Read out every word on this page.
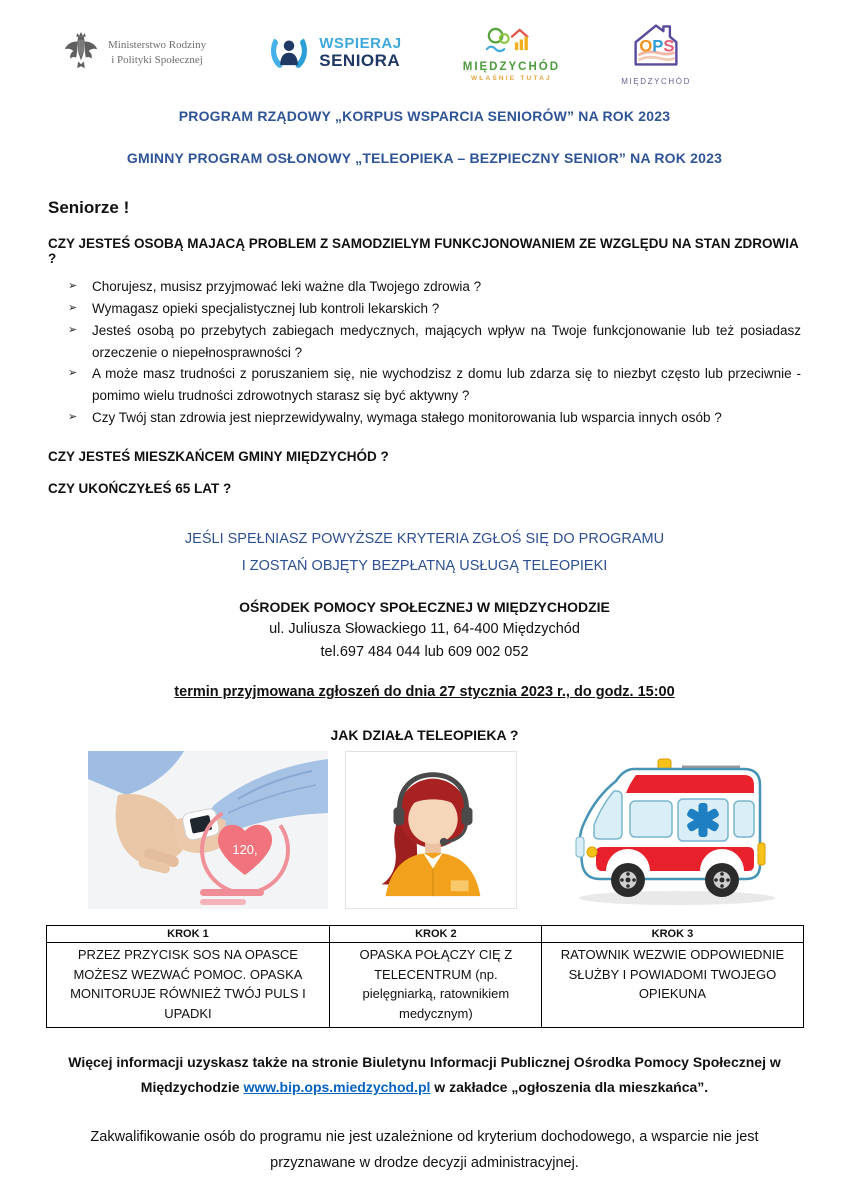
Ministerstwo Rodziny
i Polityki Społecznej
WSPIERAJ
SENIORA	MIĘDZYCHÓD
WŁAŚNIE TUTAJ
OPS
MIĘDZYCHÓD
PROGRAM RZĄDOWY „KORPUS WSPARCIA SENIORÓW” NA ROK 2023
GMINNY PROGRAM OSŁONOWY „TELEOPIEKA – BEZPIECZNY SENIOR” NA ROK 2023
Seniorze !
CZY JESTEŚ OSOBĄ MAJACĄ PROBLEM Z SAMODZIELYM FUNKCJONOWANIEM ZE WZGLĘDU NA STAN ZDROWIA ?
➢ Chorujesz, musisz przyjmować leki ważne dla Twojego zdrowia ?
➢ Wymagasz opieki specjalistycznej lub kontroli lekarskich ?
➢ Jesteś osobą po przebytych zabiegach medycznych, mających wpływ na Twoje funkcjonowanie lub też posiadasz orzeczenie o niepełnosprawności ?
➢ A może masz trudności z poruszaniem się, nie wychodzisz z domu lub zdarza się to niezbyt często lub przeciwnie - pomimo wielu trudności zdrowotnych starasz się być aktywny ?
➢ Czy Twój stan zdrowia jest nieprzewidywalny, wymaga stałego monitorowania lub wsparcia innych osób ?
CZY JESTEŚ MIESZKAŃCEM GMINY MIĘDZYCHÓD ?
CZY UKOŃCZYŁEŚ 65 LAT ?
JEŚLI SPEŁNIASZ POWYŻSZE KRYTERIA ZGŁOŚ SIĘ DO PROGRAMU
I ZOSTAŃ OBJĘTY BEZPŁATNĄ USŁUGĄ TELEOPIEKI
OŚRODEK POMOCY SPOŁECZNEJ W MIĘDZYCHODZIE
ul. Juliusza Słowackiego 11, 64-400 Międzychód
tel.697 484 044 lub 609 002 052
termin przyjmowana zgłoszeń do dnia 27 stycznia 2023 r., do godz. 15:00
JAK DZIAŁA TELEOPIEKA ?
120,
KROK 1	KROK 2	KROK 3
PRZEZ PRZYCISK SOS NA OPASCE MOŻESZ WEZWAĆ POMOC. OPASKA MONITORUJE RÓWNIEŻ TWÓJ PULS I UPADKI	OPASKA POŁĄCZY CIĘ Z TELECENTRUM (np. pielęgniarką, ratownikiem medycznym)	RATOWNIK WEZWIE ODPOWIEDNIE SŁUŻBY I POWIADOMI TWOJEGO OPIEKUNA

Więcej informacji uzyskasz także na stronie Biuletynu Informacji Publicznej Ośrodka Pomocy Społecznej w Międzychodzie www.bip.ops.miedzychod.pl w zakładce „ogłoszenia dla mieszkańca”.

Zakwalifikowanie osób do programu nie jest uzależnione od kryterium dochodowego, a wsparcie nie jest przyznawane w drodze decyzji administracyjnej.
